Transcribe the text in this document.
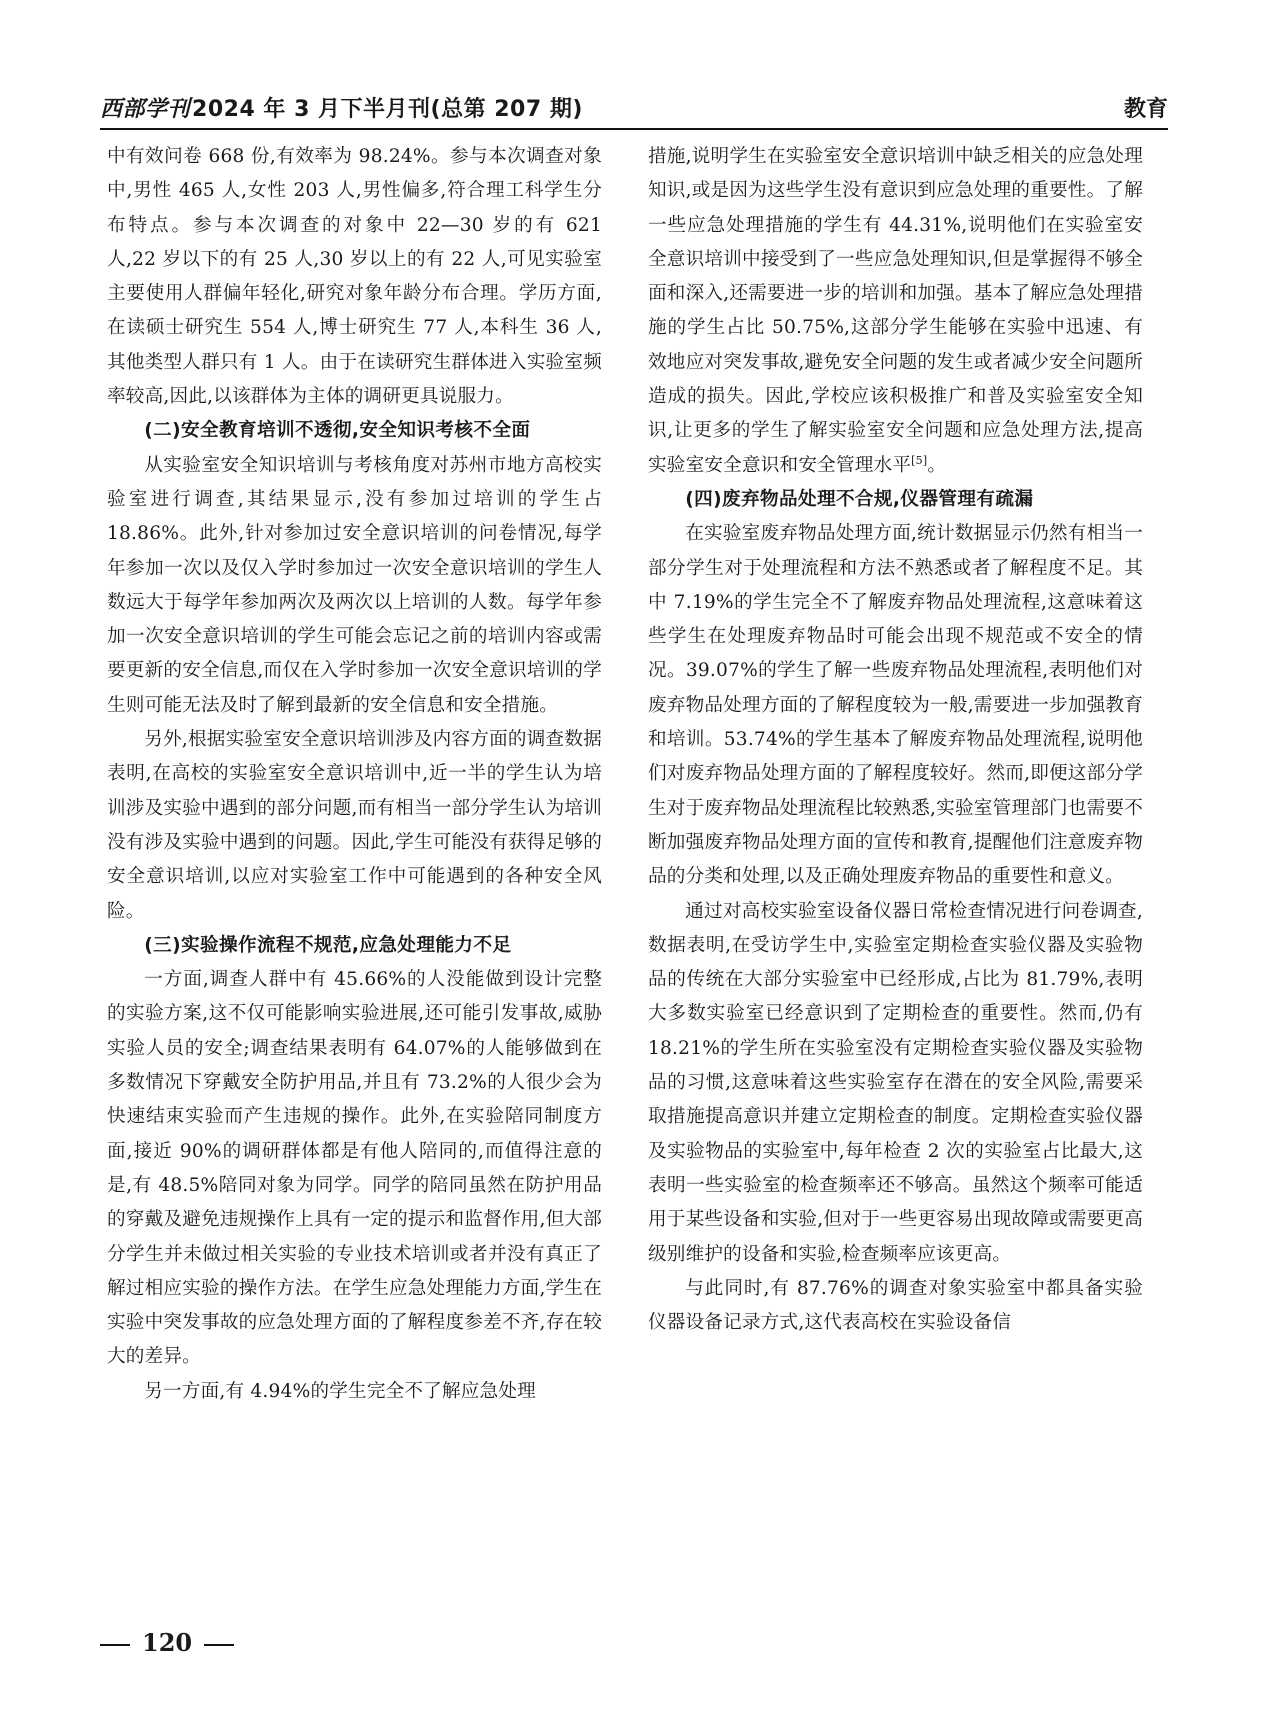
西部学刊2024 年 3 月下半月刊(总第 207 期)	教育

中有效问卷 668 份,有效率为 98.24%。参与本次调查对象中,男性 465 人,女性 203 人,男性偏多,符合理工科学生分布特点。参与本次调查的对象中 22—30 岁的有 621 人,22 岁以下的有 25 人,30 岁以上的有 22 人,可见实验室主要使用人群偏年轻化,研究对象年龄分布合理。学历方面,在读硕士研究生 554 人,博士研究生 77 人,本科生 36 人,其他类型人群只有 1 人。由于在读研究生群体进入实验室频率较高,因此,以该群体为主体的调研更具说服力。

(二)安全教育培训不透彻,安全知识考核不全面

从实验室安全知识培训与考核角度对苏州市地方高校实验室进行调查,其结果显示,没有参加过培训的学生占 18.86%。此外,针对参加过安全意识培训的问卷情况,每学年参加一次以及仅入学时参加过一次安全意识培训的学生人数远大于每学年参加两次及两次以上培训的人数。每学年参加一次安全意识培训的学生可能会忘记之前的培训内容或需要更新的安全信息,而仅在入学时参加一次安全意识培训的学生则可能无法及时了解到最新的安全信息和安全措施。

另外,根据实验室安全意识培训涉及内容方面的调查数据表明,在高校的实验室安全意识培训中,近一半的学生认为培训涉及实验中遇到的部分问题,而有相当一部分学生认为培训没有涉及实验中遇到的问题。因此,学生可能没有获得足够的安全意识培训,以应对实验室工作中可能遇到的各种安全风险。

(三)实验操作流程不规范,应急处理能力不足

一方面,调查人群中有 45.66%的人没能做到设计完整的实验方案,这不仅可能影响实验进展,还可能引发事故,威胁实验人员的安全;调查结果表明有 64.07%的人能够做到在多数情况下穿戴安全防护用品,并且有 73.2%的人很少会为快速结束实验而产生违规的操作。此外,在实验陪同制度方面,接近 90%的调研群体都是有他人陪同的,而值得注意的是,有 48.5%陪同对象为同学。同学的陪同虽然在防护用品的穿戴及避免违规操作上具有一定的提示和监督作用,但大部分学生并未做过相关实验的专业技术培训或者并没有真正了解过相应实验的操作方法。在学生应急处理能力方面,学生在实验中突发事故的应急处理方面的了解程度参差不齐,存在较大的差异。

另一方面,有 4.94%的学生完全不了解应急处理

措施,说明学生在实验室安全意识培训中缺乏相关的应急处理知识,或是因为这些学生没有意识到应急处理的重要性。了解一些应急处理措施的学生有 44.31%,说明他们在实验室安全意识培训中接受到了一些应急处理知识,但是掌握得不够全面和深入,还需要进一步的培训和加强。基本了解应急处理措施的学生占比 50.75%,这部分学生能够在实验中迅速、有效地应对突发事故,避免安全问题的发生或者减少安全问题所造成的损失。因此,学校应该积极推广和普及实验室安全知识,让更多的学生了解实验室安全问题和应急处理方法,提高实验室安全意识和安全管理水平[5]。

(四)废弃物品处理不合规,仪器管理有疏漏

在实验室废弃物品处理方面,统计数据显示仍然有相当一部分学生对于处理流程和方法不熟悉或者了解程度不足。其中 7.19%的学生完全不了解废弃物品处理流程,这意味着这些学生在处理废弃物品时可能会出现不规范或不安全的情况。39.07%的学生了解一些废弃物品处理流程,表明他们对废弃物品处理方面的了解程度较为一般,需要进一步加强教育和培训。53.74%的学生基本了解废弃物品处理流程,说明他们对废弃物品处理方面的了解程度较好。然而,即便这部分学生对于废弃物品处理流程比较熟悉,实验室管理部门也需要不断加强废弃物品处理方面的宣传和教育,提醒他们注意废弃物品的分类和处理,以及正确处理废弃物品的重要性和意义。

通过对高校实验室设备仪器日常检查情况进行问卷调查,数据表明,在受访学生中,实验室定期检查实验仪器及实验物品的传统在大部分实验室中已经形成,占比为 81.79%,表明大多数实验室已经意识到了定期检查的重要性。然而,仍有 18.21%的学生所在实验室没有定期检查实验仪器及实验物品的习惯,这意味着这些实验室存在潜在的安全风险,需要采取措施提高意识并建立定期检查的制度。定期检查实验仪器及实验物品的实验室中,每年检查 2 次的实验室占比最大,这表明一些实验室的检查频率还不够高。虽然这个频率可能适用于某些设备和实验,但对于一些更容易出现故障或需要更高级别维护的设备和实验,检查频率应该更高。

与此同时,有 87.76%的调查对象实验室中都具备实验仪器设备记录方式,这代表高校在实验设备信

120
